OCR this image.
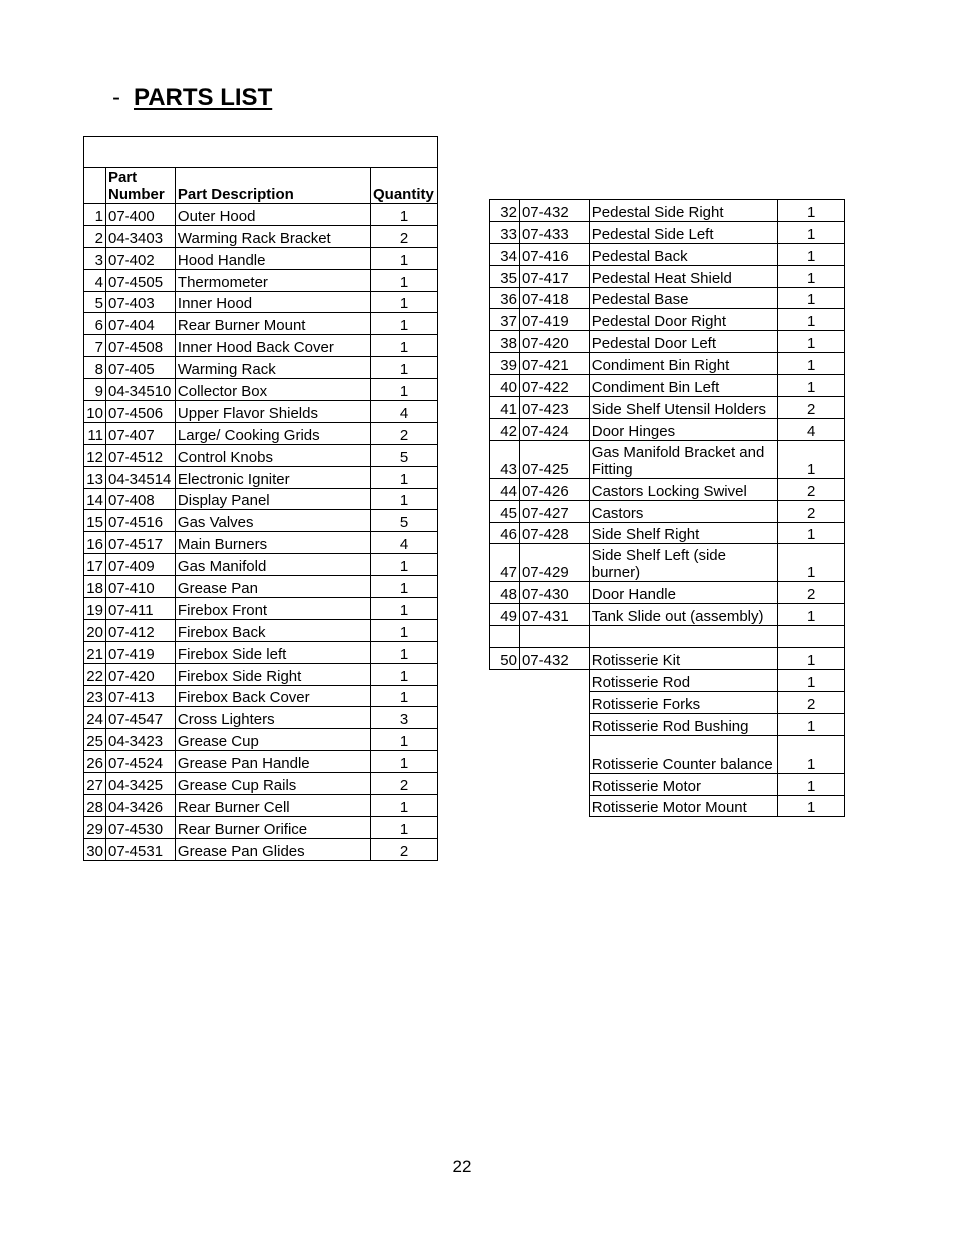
- PARTS LIST

	Part Number	Part Description	Quantity
1	07-400	Outer Hood	1
2	04-3403	Warming Rack Bracket	2
3	07-402	Hood Handle	1
4	07-4505	Thermometer	1
5	07-403	Inner Hood	1
6	07-404	Rear Burner Mount	1
7	07-4508	Inner Hood Back Cover	1
8	07-405	Warming Rack	1
9	04-34510	Collector Box	1
10	07-4506	Upper Flavor Shields	4
11	07-407	Large/ Cooking Grids	2
12	07-4512	Control Knobs	5
13	04-34514	Electronic Igniter	1
14	07-408	Display Panel	1
15	07-4516	Gas Valves	5
16	07-4517	Main Burners	4
17	07-409	Gas Manifold	1
18	07-410	Grease Pan	1
19	07-411	Firebox Front	1
20	07-412	Firebox Back	1
21	07-419	Firebox Side left	1
22	07-420	Firebox Side Right	1
23	07-413	Firebox Back Cover	1
24	07-4547	Cross Lighters	3
25	04-3423	Grease Cup	1
26	07-4524	Grease Pan Handle	1
27	04-3425	Grease Cup Rails	2
28	04-3426	Rear Burner Cell	1
29	07-4530	Rear Burner Orifice	1
30	07-4531	Grease Pan Glides	2
32	07-432	Pedestal Side Right	1
33	07-433	Pedestal Side Left	1
34	07-416	Pedestal Back	1
35	07-417	Pedestal Heat Shield	1
36	07-418	Pedestal Base	1
37	07-419	Pedestal Door Right	1
38	07-420	Pedestal Door Left	1
39	07-421	Condiment Bin Right	1
40	07-422	Condiment Bin Left	1
41	07-423	Side Shelf Utensil Holders	2
42	07-424	Door Hinges	4
43	07-425	Gas Manifold Bracket and Fitting	1
44	07-426	Castors Locking Swivel	2
45	07-427	Castors	2
46	07-428	Side Shelf Right	1
47	07-429	Side Shelf Left (side burner)	1
48	07-430	Door Handle	2
49	07-431	Tank Slide out (assembly)	1

50	07-432	Rotisserie Kit	1
		Rotisserie Rod	1
		Rotisserie Forks	2
		Rotisserie Rod Bushing	1
		Rotisserie Counter balance	1
		Rotisserie Motor	1
		Rotisserie Motor Mount	1
22
